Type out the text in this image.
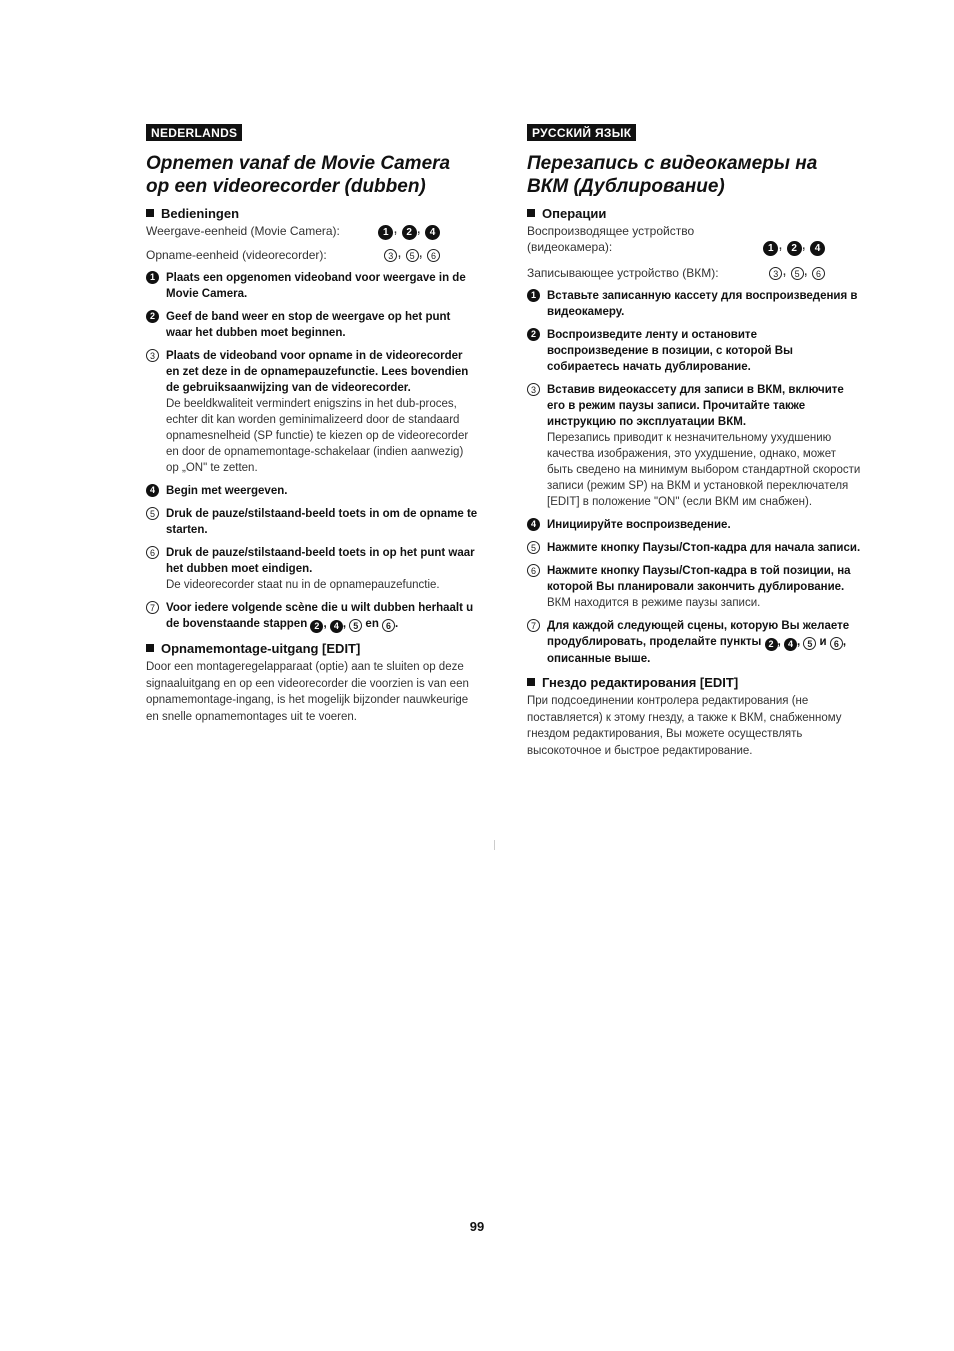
NEDERLANDS
Opnemen vanaf de Movie Camera op een videorecorder (dubben)
Bedieningen
Weergave-eenheid (Movie Camera):	1 , 2 , 4
Opname-eenheid (videorecorder):	3 , 5 , 6
1 Plaats een opgenomen videoband voor weergave in de Movie Camera.
2 Geef de band weer en stop de weergave op het punt waar het dubben moet beginnen.
3 Plaats de videoband voor opname in de videorecorder en zet deze in de opnamepauzefunctie. Lees bovendien de gebruiksaanwijzing van de videorecorder.
De beeldkwaliteit vermindert enigszins in het dub-proces, echter dit kan worden geminimalizeerd door de standaard opnamesnelheid (SP functie) te kiezen op de videorecorder en door de opnamemontage-schakelaar (indien aanwezig) op „ON" te zetten.
4 Begin met weergeven.
5 Druk de pauze/stilstaand-beeld toets in om de opname te starten.
6 Druk de pauze/stilstaand-beeld toets in op het punt waar het dubben moet eindigen.
De videorecorder staat nu in de opnamepauzefunctie.
7 Voor iedere volgende scène die u wilt dubben herhaalt u de bovenstaande stappen 2 , 4 , 5 en 6 .
Opnamemontage-uitgang [EDIT]
Door een montageregelapparaat (optie) aan te sluiten op deze signaaluitgang en op een videorecorder die voorzien is van een opnamemontage-ingang, is het mogelijk bijzonder nauwkeurige en snelle opnamemontages uit te voeren.
РУССКИЙ ЯЗЫК
Перезапись с видеокамеры на ВКМ (Дублирование)
Операции
Воспроизводящее устройство (видеокамера):	1 , 2 , 4
Записывающее устройство (ВКМ):	3 , 5 , 6
1 Вставьте записанную кассету для воспроизведения в видеокамеру.
2 Воспроизведите ленту и остановите воспроизведение в позиции, с которой Вы собираетесь начать дублирование.
3 Вставив видеокассету для записи в ВКМ, включите его в режим паузы записи. Прочитайте также инструкцию по эксплуатации ВКМ.
Перезапись приводит к незначительному ухудшению качества изображения, это ухудшение, однако, может быть сведено на минимум выбором стандартной скорости записи (режим SP) на ВКМ и установкой переключателя [EDIT] в положение "ON" (если ВКМ им снабжен).
4 Инициируйте воспроизведение.
5 Нажмите кнопку Паузы/Стоп-кадра для начала записи.
6 Нажмите кнопку Паузы/Стоп-кадра в той позиции, на которой Вы планировали закончить дублирование.
ВКМ находится в режиме паузы записи.
7 Для каждой следующей сцены, которую Вы желаете продублировать, проделайте пункты 2 , 4 , 5 и 6 , описанные выше.
Гнездо редактирования [EDIT]
При подсоединении контролера редактирования (не поставляется) к этому гнезду, а также к ВКМ, снабженному гнездом редактирования, Вы можете осуществлять высокоточное и быстрое редактирование.
99
